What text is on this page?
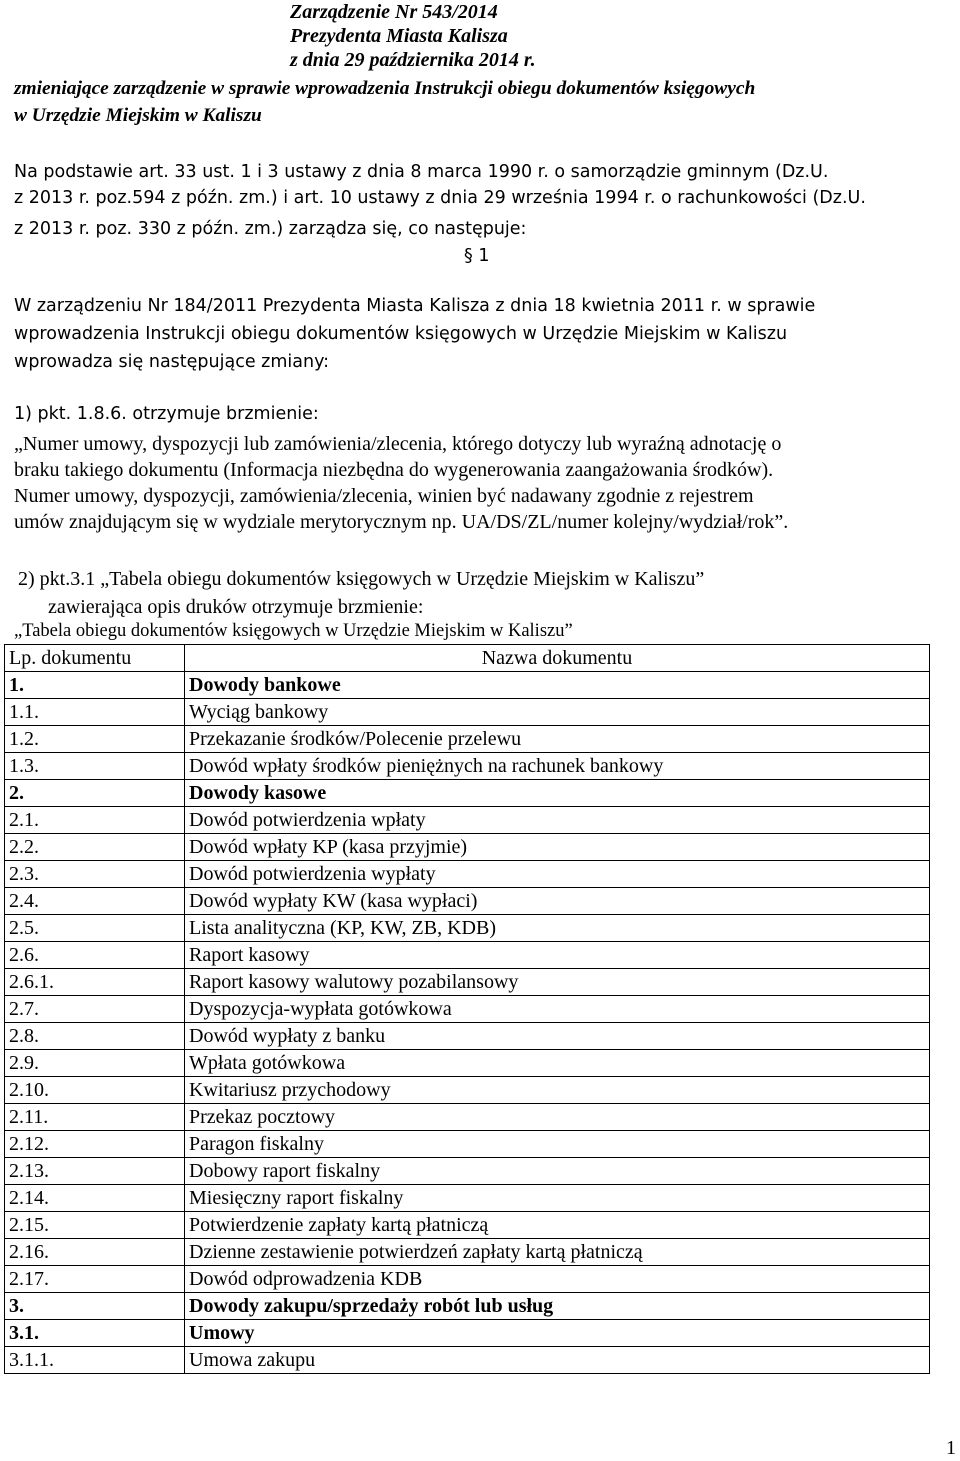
Zarządzenie Nr 543/2014
Prezydenta Miasta Kalisza
z dnia 29 października 2014 r.
zmieniające zarządzenie w sprawie wprowadzenia Instrukcji obiegu dokumentów księgowych
w Urzędzie Miejskim w Kaliszu
Na podstawie art. 33 ust. 1 i 3 ustawy z dnia 8 marca 1990 r. o samorządzie gminnym (Dz.U.
z 2013 r. poz.594 z późn. zm.) i art. 10 ustawy z dnia 29 września 1994 r. o rachunkowości (Dz.U.
z 2013 r. poz. 330 z późn. zm.) zarządza się, co następuje:
§ 1
W zarządzeniu Nr 184/2011 Prezydenta Miasta Kalisza z dnia 18 kwietnia 2011 r. w sprawie
wprowadzenia Instrukcji obiegu dokumentów księgowych w Urzędzie Miejskim w Kaliszu
wprowadza się następujące zmiany:
1) pkt. 1.8.6. otrzymuje brzmienie:
„Numer umowy, dyspozycji lub zamówienia/zlecenia, którego dotyczy lub wyraźną adnotację o
braku takiego dokumentu (Informacja niezbędna do wygenerowania zaangażowania środków).
Numer umowy, dyspozycji, zamówienia/zlecenia, winien być nadawany zgodnie z rejestrem
umów znajdującym się w wydziale merytorycznym np. UA/DS/ZL/numer kolejny/wydział/rok”.
2) pkt.3.1 „Tabela obiegu dokumentów księgowych w Urzędzie Miejskim w Kaliszu”
zawierająca opis druków otrzymuje brzmienie:
„Tabela obiegu dokumentów księgowych w Urzędzie Miejskim w Kaliszu”
Lp. dokumentu	Nazwa dokumentu
1.	Dowody bankowe
1.1.	Wyciąg bankowy
1.2.	Przekazanie środków/Polecenie przelewu
1.3.	Dowód wpłaty środków pieniężnych na rachunek bankowy
2.	Dowody kasowe
2.1.	Dowód potwierdzenia wpłaty
2.2.	Dowód wpłaty KP (kasa przyjmie)
2.3.	Dowód potwierdzenia wypłaty
2.4.	Dowód wypłaty KW (kasa wypłaci)
2.5.	Lista analityczna (KP, KW, ZB, KDB)
2.6.	Raport kasowy
2.6.1.	Raport kasowy walutowy pozabilansowy
2.7.	Dyspozycja-wypłata gotówkowa
2.8.	Dowód wypłaty z banku
2.9.	Wpłata gotówkowa
2.10.	Kwitariusz przychodowy
2.11.	Przekaz pocztowy
2.12.	Paragon fiskalny
2.13.	Dobowy raport fiskalny
2.14.	Miesięczny raport fiskalny
2.15.	Potwierdzenie zapłaty kartą płatniczą
2.16.	Dzienne zestawienie potwierdzeń zapłaty kartą płatniczą
2.17.	Dowód odprowadzenia KDB
3.	Dowody zakupu/sprzedaży robót lub usług
3.1.	Umowy
3.1.1.	Umowa zakupu
1
